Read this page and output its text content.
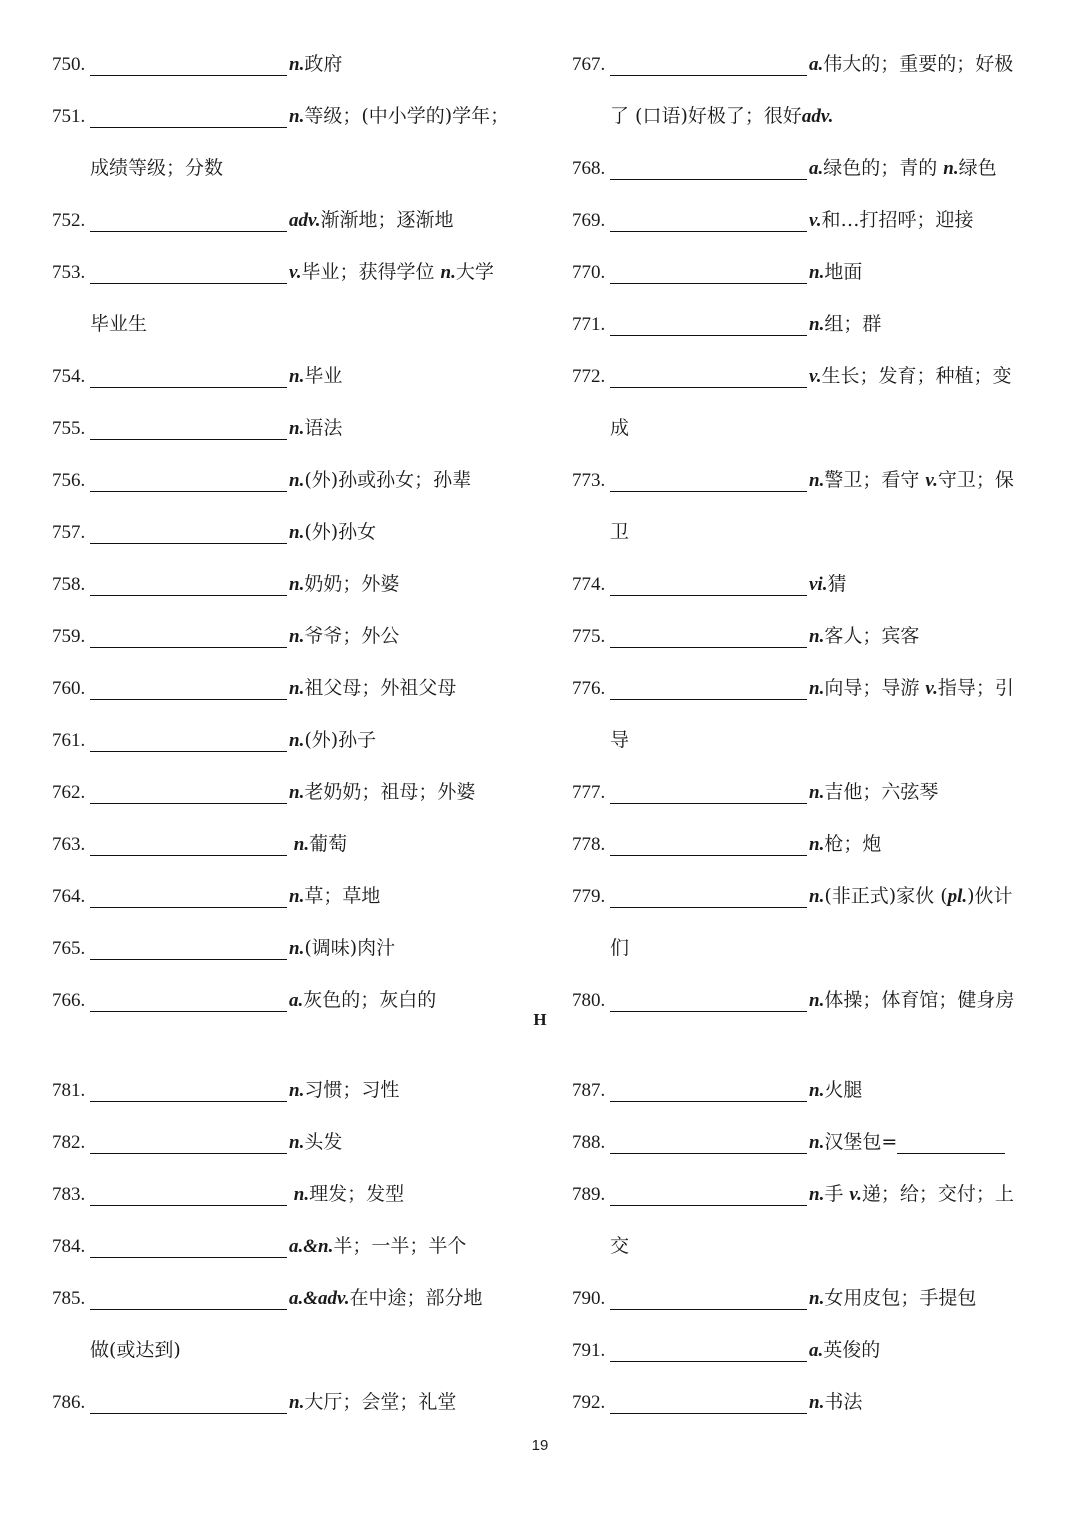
750.	n.政府
751.	n.等级；(中小学的)学年；
成绩等级；分数
752.	adv.渐渐地；逐渐地
753.	v.毕业；获得学位 n.大学
毕业生
754.	n.毕业
755.	n.语法
756.	n.(外)孙或孙女；孙辈
757.	n.(外)孙女
758.	n.奶奶；外婆
759.	n.爷爷；外公
760.	n.祖父母；外祖父母
761.	n.(外)孙子
762.	n.老奶奶；祖母；外婆
763.	n.葡萄
764.	n.草；草地
765.	n.(调味)肉汁
766.	a.灰色的；灰白的
767.	a.伟大的；重要的；好极
了 (口语)好极了；很好adv.
768.	a.绿色的；青的 n.绿色
769.	v.和…打招呼；迎接
770.	n.地面
771.	n.组；群
772.	v.生长；发育；种植；变
成
773.	n.警卫；看守 v.守卫；保
卫
774.	vi.猜
775.	n.客人；宾客
776.	n.向导；导游 v.指导；引
导
777.	n.吉他；六弦琴
778.	n.枪；炮
779.	n.(非正式)家伙 (pl.)伙计
们
780.	n.体操；体育馆；健身房
H
781.	n.习惯；习性
782.	n.头发
783.	n.理发；发型
784.	a.&n.半；一半；半个
785.	a.&adv.在中途；部分地
做(或达到)
786.	n.大厅；会堂；礼堂
787.	n.火腿
788.	n.汉堡包=
789.	n.手 v.递；给；交付；上
交
790.	n.女用皮包；手提包
791.	a.英俊的
792.	n.书法
19
